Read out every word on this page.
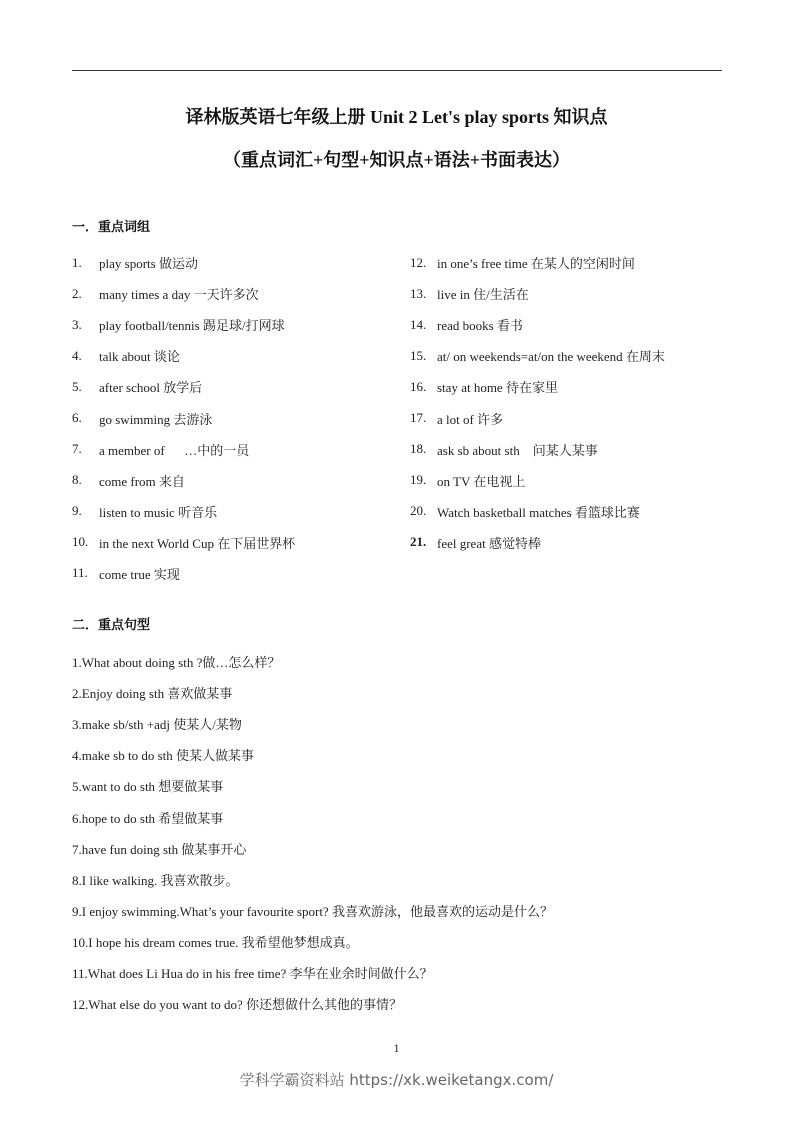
译林版英语七年级上册 Unit 2 Let's play sports 知识点
（重点词汇+句型+知识点+语法+书面表达）
一．重点词组
1.	play sports 做运动
2.	many times a day 一天许多次
3.	play football/tennis 踢足球/打网球
4.	talk about 谈论
5.	after school 放学后
6.	go swimming 去游泳
7.	a member of      …中的一员
8.	come from 来自
9.	listen to music 听音乐
10. in the next World Cup 在下届世界杯
11. come true 实现
12. in one’s free time 在某人的空闲时间
13. live in 住/生活在
14. read books 看书
15. at/ on weekends=at/on the weekend 在周末
16. stay at home 待在家里
17. a lot of 许多
18. ask sb about sth    问某人某事
19. on TV 在电视上
20. Watch basketball matches 看篮球比赛
21. feel great 感觉特棒
二．重点句型
1.What about doing sth ?做…怎么样？
2.Enjoy doing sth 喜欢做某事
3.make sb/sth +adj 使某人/某物
4.make sb to do sth 使某人做某事
5.want to do sth 想要做某事
6.hope to do sth 希望做某事
7.have fun doing sth 做某事开心
8.I like walking. 我喜欢散步。
9.I enjoy swimming.What’s your favourite sport? 我喜欢游泳，他最喜欢的运动是什么？
10.I hope his dream comes true. 我希望他梦想成真。
11.What does Li Hua do in his free time? 李华在业余时间做什么？
12.What else do you want to do? 你还想做什么其他的事情？
1
学科学霸资料站 https://xk.weiketangx.com/
